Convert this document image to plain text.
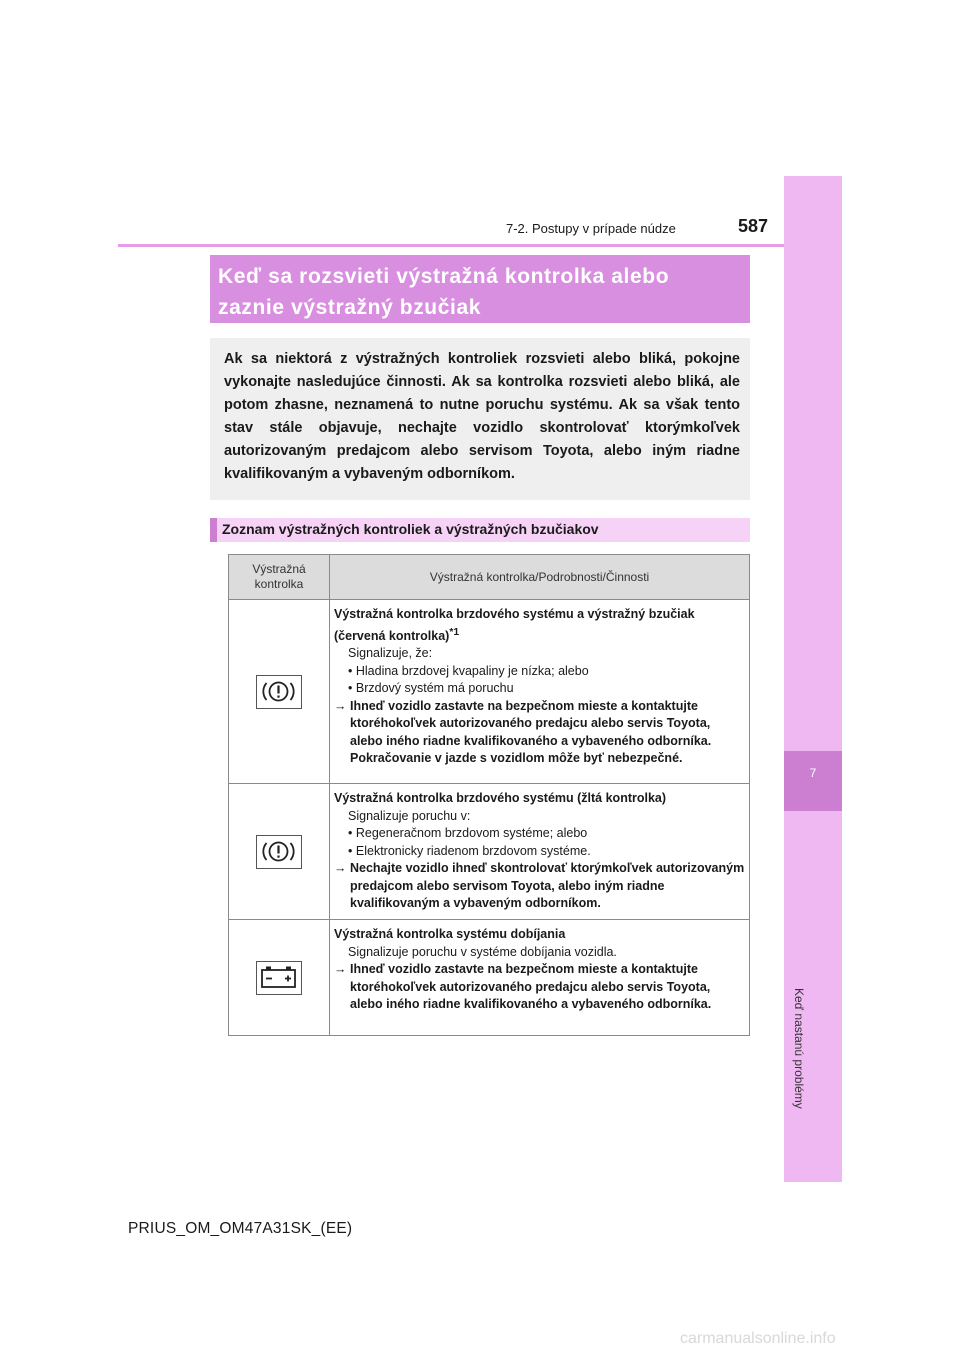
7
Keď nastanú problémy
7-2. Postupy v prípade núdze	587
Keď sa rozsvieti výstražná kontrolka alebo
zaznie výstražný bzučiak
Ak sa niektorá z výstražných kontroliek rozsvieti alebo bliká, pokojne vykonajte nasledujúce činnosti. Ak sa kontrolka rozsvieti alebo bliká, ale potom zhasne, neznamená to nutne poruchu systému. Ak sa však tento stav stále objavuje, nechajte vozidlo skontrolovať ktorýmkoľvek autorizovaným predajcom alebo servisom Toyota, alebo iným riadne kvalifikovaným a vybaveným odborníkom.
Zoznam výstražných kontroliek a výstražných bzučiakov
Výstražná kontrolka	Výstražná kontrolka/Podrobnosti/Činnosti

Výstražná kontrolka brzdového systému a výstražný bzučiak (červená kontrolka)$^{*1}$
Signalizuje, že:
• Hladina brzdovej kvapaliny je nízka; alebo
• Brzdový systém má poruchu
→ Ihneď vozidlo zastavte na bezpečnom mieste a kontaktujte ktoréhokoľvek autorizovaného predajcu alebo servis Toyota, alebo iného riadne kvalifikovaného a vybaveného odborníka. Pokračovanie v jazde s vozidlom môže byť nebezpečné.

Výstražná kontrolka brzdového systému (žltá kontrolka)
Signalizuje poruchu v:
• Regeneračnom brzdovom systéme; alebo
• Elektronicky riadenom brzdovom systéme.
→ Nechajte vozidlo ihneď skontrolovať ktorýmkoľvek autorizovaným predajcom alebo servisom Toyota, alebo iným riadne kvalifikovaným a vybaveným odborníkom.

Výstražná kontrolka systému dobíjania
Signalizuje poruchu v systéme dobíjania vozidla.
→ Ihneď vozidlo zastavte na bezpečnom mieste a kontaktujte ktoréhokoľvek autorizovaného predajcu alebo servis Toyota, alebo iného riadne kvalifikovaného a vybaveného odborníka.
PRIUS_OM_OM47A31SK_(EE)
carmanualsonline.info
